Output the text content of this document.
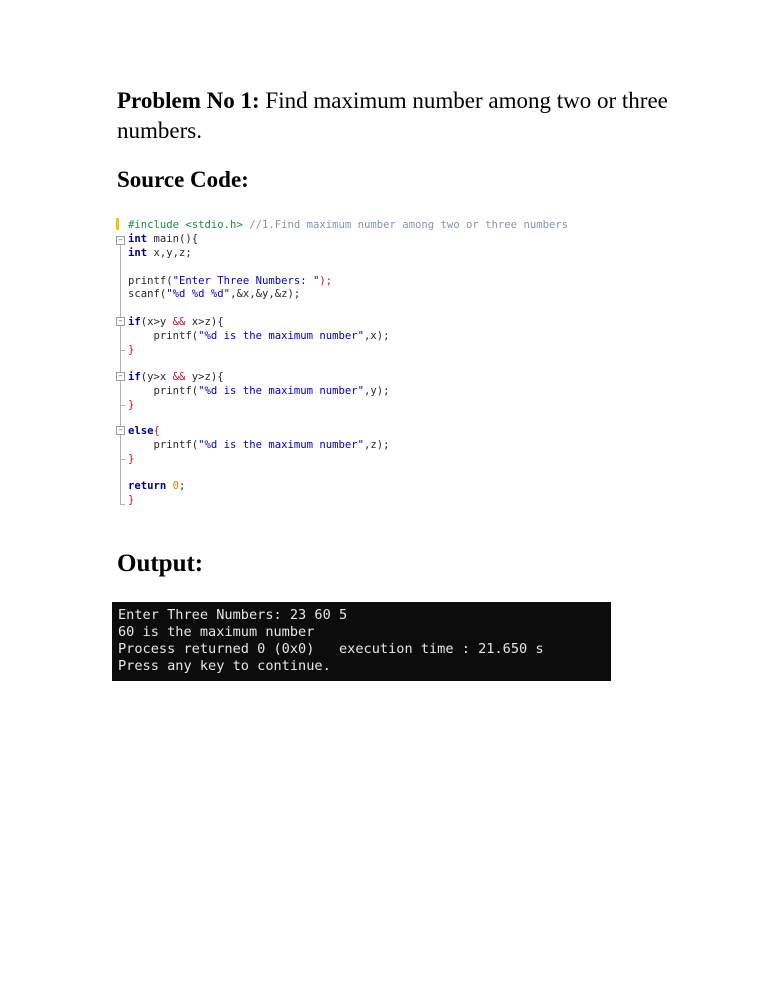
Problem No 1: Find maximum number among two or three numbers.
Source Code:
−
−
−
−
#include <stdio.h> //1.Find maximum number among two or three numbers
int main(){
int x,y,z;
printf("Enter Three Numbers: ");
scanf("%d %d %d",&x,&y,&z);
if(x>y && x>z){
printf("%d is the maximum number",x);
}
if(y>x && y>z){
printf("%d is the maximum number",y);
}
else{
printf("%d is the maximum number",z);
}
return 0;
}
Output:
Enter Three Numbers: 23 60 5
60 is the maximum number
Process returned 0 (0x0)   execution time : 21.650 s
Press any key to continue.
